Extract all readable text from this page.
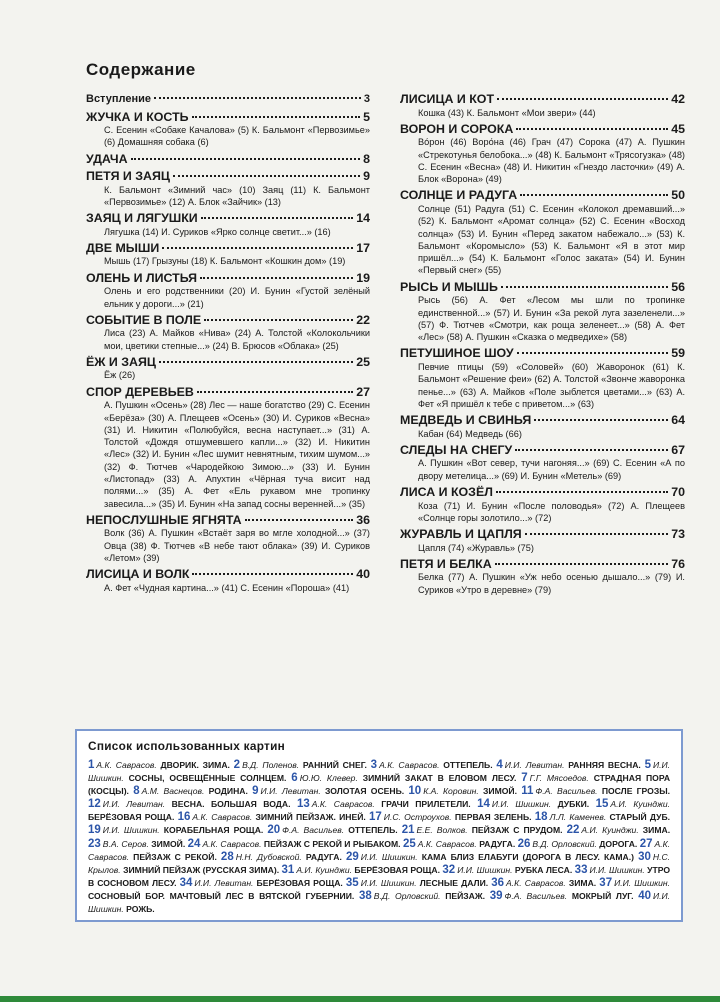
Содержание
Вступление	3
ЖУЧКА И КОСТЬ	5
С. Есенин «Собаке Качалова» (5) К. Бальмонт «Первозимье» (6) Домашняя собака (6)
УДАЧА	8
ПЕТЯ И ЗАЯЦ	9
К. Бальмонт «Зимний час» (10) Заяц (11) К. Бальмонт «Первозимье» (12) А. Блок «Зайчик» (13)
ЗАЯЦ И ЛЯГУШКИ	14
Лягушка (14) И. Суриков «Ярко солнце светит...» (16)
ДВЕ МЫШИ	17
Мышь (17) Грызуны (18) К. Бальмонт «Кошкин дом» (19)
ОЛЕНЬ И ЛИСТЬЯ	19
Олень и его родственники (20) И. Бунин «Густой зелёный ельник у дороги...» (21)
СОБЫТИЕ В ПОЛЕ	22
Лиса (23) А. Майков «Нива» (24) А. Толстой «Колокольчики мои, цветики степные...» (24) В. Брюсов «Облака» (25)
ЁЖ И ЗАЯЦ	25
Ёж (26)
СПОР ДЕРЕВЬЕВ	27
А. Пушкин «Осень» (28) Лес — наше богатство (29) С. Есенин «Берёза» (30) А. Плещеев «Осень» (30) И. Суриков «Весна» (31) И. Никитин «Полюбуйся, весна наступает...» (31) А. Толстой «Дождя отшумевшего капли...» (32) И. Никитин «Лес» (32) И. Бунин «Лес шумит невнятным, тихим шумом...» (32) Ф. Тютчев «Чародейкою Зимою...» (33) И. Бунин «Листопад» (33) А. Апухтин «Чёрная туча висит над полями...» (35) А. Фет «Ель рукавом мне тропинку завесила...» (35) И. Бунин «На запад сосны веренней...» (35)
НЕПОСЛУШНЫЕ ЯГНЯТА	36
Волк (36) А. Пушкин «Встаёт заря во мгле холодной...» (37) Овца (38) Ф. Тютчев «В небе тают облака» (39) И. Суриков «Летом» (39)
ЛИСИЦА И ВОЛК	40
А. Фет «Чудная картина...» (41) С. Есенин «Пороша» (41)
ЛИСИЦА И КОТ	42
Кошка (43) К. Бальмонт «Мои звери» (44)
ВОРОН И СОРОКА	45
Во́рон (46) Воро́на (46) Грач (47) Сорока (47) А. Пушкин «Стрекотунья белобока...» (48) К. Бальмонт «Трясогузка» (48) С. Есенин «Весна» (48) И. Никитин «Гнездо ласточки» (49) А. Блок «Ворона» (49)
СОЛНЦЕ И РАДУГА	50
Солнце (51) Радуга (51) С. Есенин «Колокол дремавший...» (52) К. Бальмонт «Аромат солнца» (52) С. Есенин «Восход солнца» (53) И. Бунин «Перед закатом набежало...» (53) К. Бальмонт «Коромысло» (53) К. Бальмонт «Я в этот мир пришёл...» (54) К. Бальмонт «Голос заката» (54) И. Бунин «Первый снег» (55)
РЫСЬ И МЫШЬ	56
Рысь (56) А. Фет «Лесом мы шли по тропинке единственной...» (57) И. Бунин «За рекой луга зазеленели...» (57) Ф. Тютчев «Смотри, как роща зеленеет...» (58) А. Фет «Лес» (58) А. Пушкин «Сказка о медведихе» (58)
ПЕТУШИНОЕ ШОУ	59
Певчие птицы (59) «Соловей» (60) Жаворонок (61) К. Бальмонт «Решение феи» (62) А. Толстой «Звонче жаворонка пенье...» (63) А. Майков «Поле зыблется цветами...» (63) А. Фет «Я пришёл к тебе с приветом...» (63)
МЕДВЕДЬ И СВИНЬЯ	64
Кабан (64) Медведь (66)
СЛЕДЫ НА СНЕГУ	67
А. Пушкин «Вот север, тучи нагоняя...» (69) С. Есенин «А по двору метелица...» (69) И. Бунин «Метель» (69)
ЛИСА И КОЗЁЛ	70
Коза (71) И. Бунин «После половодья» (72) А. Плещеев «Солнце горы золотило...» (72)
ЖУРАВЛЬ И ЦАПЛЯ	73
Цапля (74) «Журавль» (75)
ПЕТЯ И БЕЛКА	76
Белка (77) А. Пушкин «Уж небо осенью дышало...» (79) И. Суриков «Утро в деревне» (79)
Список использованных картин
1 А.К. Саврасов. ДВОРИК. ЗИМА. 2 В.Д. Поленов. РАННИЙ СНЕГ. 3 А.К. Саврасов. ОТТЕПЕЛЬ. 4 И.И. Левитан. РАННЯЯ ВЕСНА. 5 И.И. Шишкин. СОСНЫ, ОСВЕЩЁННЫЕ СОЛНЦЕМ. 6 Ю.Ю. Клевер. ЗИМНИЙ ЗАКАТ В ЕЛОВОМ ЛЕСУ. 7 Г.Г. Мясоедов. СТРАДНАЯ ПОРА (КОСЦЫ). 8 А.М. Васнецов. РОДИНА. 9 И.И. Левитан. ЗОЛОТАЯ ОСЕНЬ. 10 К.А. Коровин. ЗИМОЙ. 11 Ф.А. Васильев. ПОСЛЕ ГРОЗЫ.12 И.И. Левитан. ВЕСНА. БОЛЬШАЯ ВОДА. 13 А.К. Саврасов. ГРАЧИ ПРИЛЕТЕЛИ. 14 И.И. Шишкин. ДУБКИ. 15 А.И. Куинджи. БЕРЁЗОВАЯ РОЩА. 16 А.К. Саврасов. ЗИМНИЙ ПЕЙЗАЖ. ИНЕЙ. 17 И.С. Остроухов. ПЕРВАЯ ЗЕЛЕНЬ. 18 Л.Л. Каменев. СТАРЫЙ ДУБ.19 И.И. Шишкин. КОРАБЕЛЬНАЯ РОЩА. 20 Ф.А. Васильев. ОТТЕПЕЛЬ. 21 Е.Е. Волков. ПЕЙЗАЖ С ПРУДОМ. 22 А.И. Куинджи. ЗИМА.23 В.А. Серов. ЗИМОЙ. 24 А.К. Саврасов. ПЕЙЗАЖ С РЕКОЙ И РЫБАКОМ. 25 А.К. Саврасов. РАДУГА. 26 В.Д. Орловский. ДОРОГА. 27 А.К. Саврасов. ПЕЙЗАЖ С РЕКОЙ. 28 Н.Н. Дубовской. РАДУГА. 29 И.И. Шишкин. КАМА БЛИЗ ЕЛАБУГИ (ДОРОГА В ЛЕСУ. КАМА.) 30 Н.С. Крылов. ЗИМНИЙ ПЕЙЗАЖ (РУССКАЯ ЗИМА). 31 А.И. Куинджи. БЕРЁЗОВАЯ РОЩА. 32 И.И. Шишкин. РУБКА ЛЕСА. 33 И.И. Шишкин. УТРО В СОСНОВОМ ЛЕСУ. 34 И.И. Левитан. БЕРЁЗОВАЯ РОЩА. 35 И.И. Шишкин. ЛЕСНЫЕ ДАЛИ. 36 А.К. Саврасов. ЗИМА. 37 И.И. Шишкин. СОСНОВЫЙ БОР. МАЧТОВЫЙ ЛЕС В ВЯТСКОЙ ГУБЕРНИИ. 38 В.Д. Орловский. ПЕЙЗАЖ. 39 Ф.А. Васильев. МОКРЫЙ ЛУГ. 40 И.И. Шишкин. РОЖЬ.
